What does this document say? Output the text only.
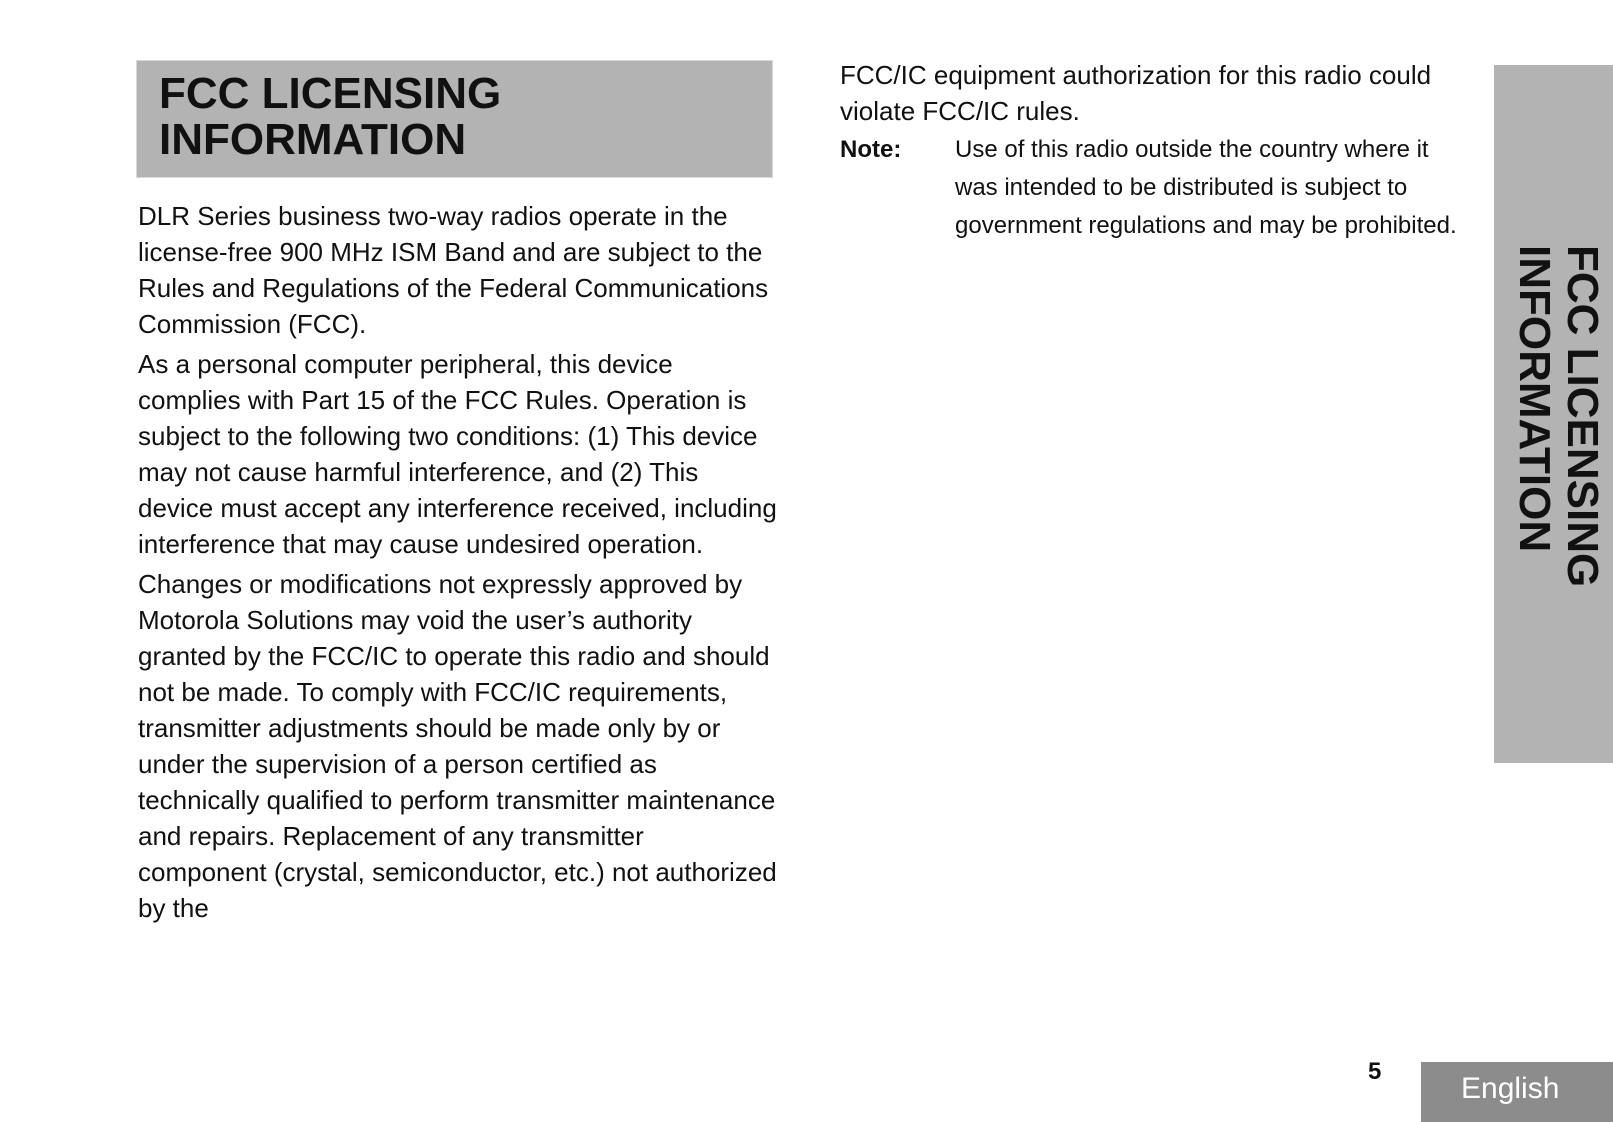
FCC LICENSING
INFORMATION

DLR Series business two-way radios operate in the license-free 900 MHz ISM Band and are subject to the Rules and Regulations of the Federal Communications Commission (FCC).

As a personal computer peripheral, this device complies with Part 15 of the FCC Rules. Operation is subject to the following two conditions: (1) This device may not cause harmful interference, and (2) This device must accept any interference received, including interference that may cause undesired operation.

Changes or modifications not expressly approved by Motorola Solutions may void the user’s authority granted by the FCC/IC to operate this radio and should not be made. To comply with FCC/IC requirements, transmitter adjustments should be made only by or under the supervision of a person certified as technically qualified to perform transmitter maintenance and repairs. Replacement of any transmitter component (crystal, semiconductor, etc.) not authorized by the

FCC/IC equipment authorization for this radio could violate FCC/IC rules.

Note: Use of this radio outside the country where it was intended to be distributed is subject to government regulations and may be prohibited.
FCC LICENSING
INFORMATION
5
English
